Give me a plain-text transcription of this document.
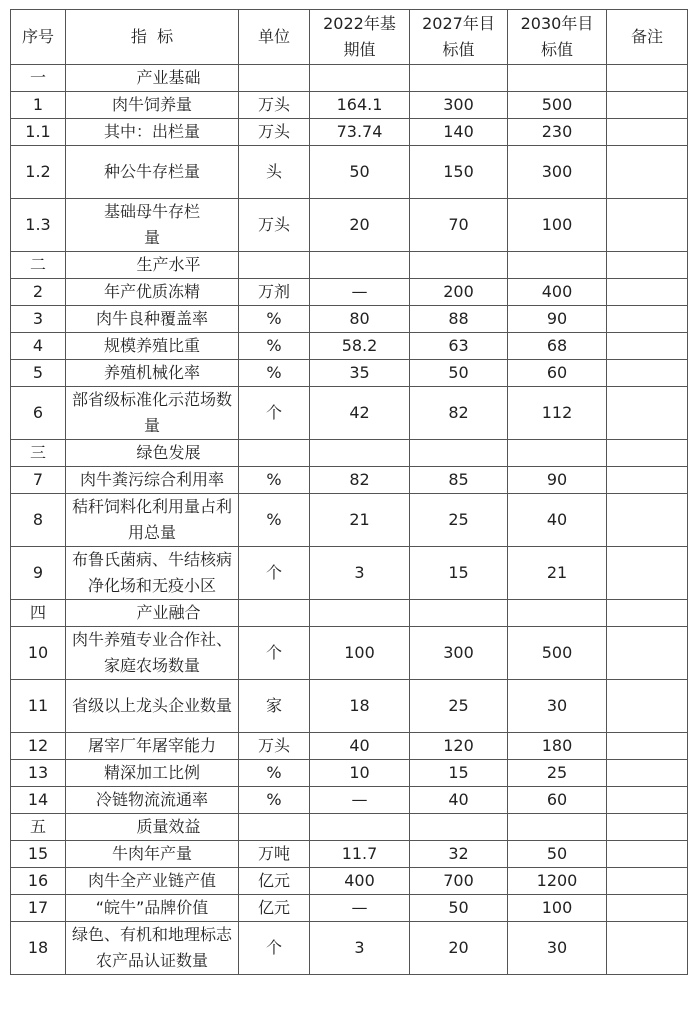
序号	指  标	单位	2022年基期值	2027年目标值	2030年目标值	备注
一	产业基础					
1	肉牛饲养量	万头	164.1	300	500	
1.1	其中：出栏量	万头	73.74	140	230	
1.2	种公牛存栏量	头	50	150	300	
1.3	基础母牛存栏量	万头	20	70	100	
二	生产水平					
2	年产优质冻精	万剂	—	200	400	
3	肉牛良种覆盖率	%	80	88	90	
4	规模养殖比重	%	58.2	63	68	
5	养殖机械化率	%	35	50	60	
6	部省级标准化示范场数量	个	42	82	112	
三	绿色发展					
7	肉牛粪污综合利用率	%	82	85	90	
8	秸秆饲料化利用量占利用总量	%	21	25	40	
9	布鲁氏菌病、牛结核病净化场和无疫小区	个	3	15	21	
四	产业融合					
10	肉牛养殖专业合作社、家庭农场数量	个	100	300	500	
11	省级以上龙头企业数量	家	18	25	30	
12	屠宰厂年屠宰能力	万头	40	120	180	
13	精深加工比例	%	10	15	25	
14	冷链物流流通率	%	—	40	60	
五	质量效益					
15	牛肉年产量	万吨	11.7	32	50	
16	肉牛全产业链产值	亿元	400	700	1200	
17	“皖牛”品牌价值	亿元	—	50	100	
18	绿色、有机和地理标志农产品认证数量	个	3	20	30	
